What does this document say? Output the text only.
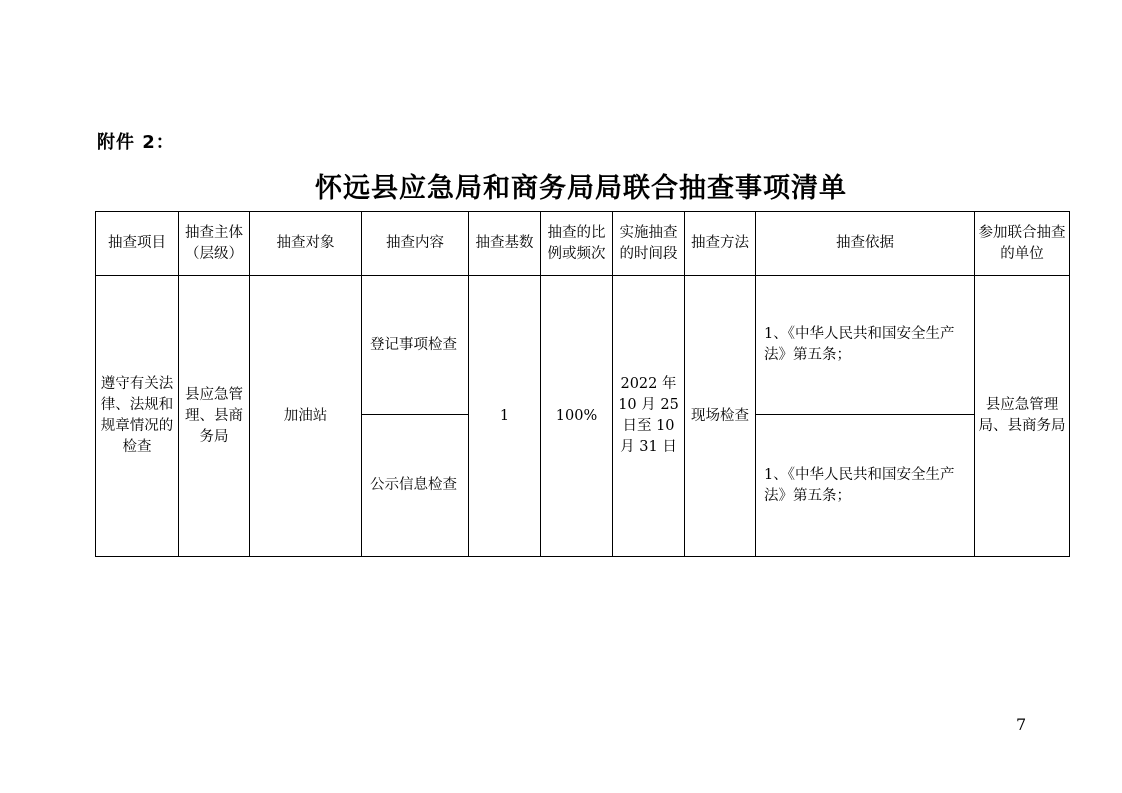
附件 2：
怀远县应急局和商务局局联合抽查事项清单
抽查项目	抽查主体（层级）	抽查对象	抽查内容	抽查基数	抽查的比例或频次	实施抽查的时间段	抽查方法	抽查依据	参加联合抽查的单位
遵守有关法律、法规和规章情况的检查	县应急管理、县商务局	加油站	登记事项检查	1	100%	2022 年 10 月 25 日至 10 月 31 日	现场检查	1、《中华人民共和国安全生产法》第五条；	县应急管理局、县商务局
			公示信息检查					1、《中华人民共和国安全生产法》第五条；	
7
